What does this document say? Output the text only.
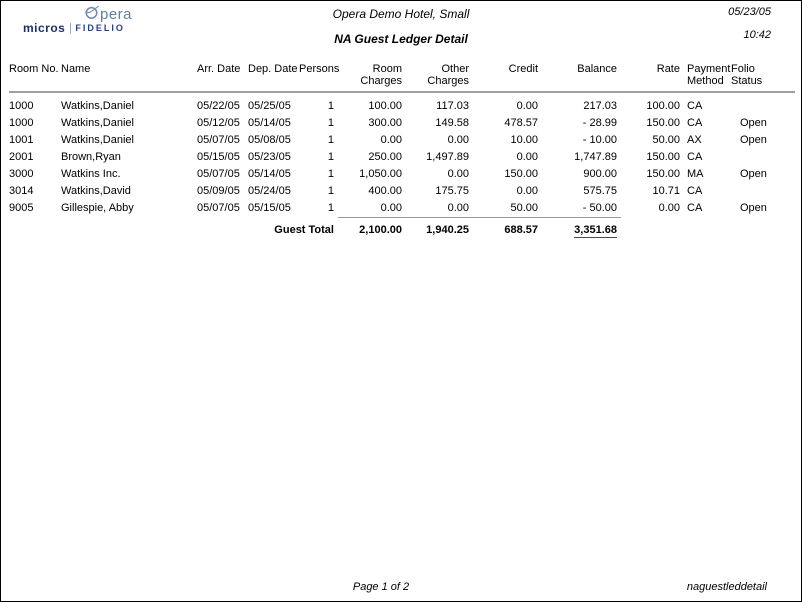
pera
micros FIDELIO
Opera Demo Hotel, Small
NA Guest Ledger Detail
05/23/05
10:42
Room No.	Name	Arr. Date	Dep. Date	Persons	Room Charges	Other Charges	Credit	Balance	Rate	Payment Method	Folio Status
1000	Watkins,Daniel	05/22/05	05/25/05	1	100.00	117.03	0.00	217.03	100.00	CA	
1000	Watkins,Daniel	05/12/05	05/14/05	1	300.00	149.58	478.57	- 28.99	150.00	CA	Open
1001	Watkins,Daniel	05/07/05	05/08/05	1	0.00	0.00	10.00	- 10.00	50.00	AX	Open
2001	Brown,Ryan	05/15/05	05/23/05	1	250.00	1,497.89	0.00	1,747.89	150.00	CA	
3000	Watkins Inc.	05/07/05	05/14/05	1	1,050.00	0.00	150.00	900.00	150.00	MA	Open
3014	Watkins,David	05/09/05	05/24/05	1	400.00	175.75	0.00	575.75	10.71	CA	
9005	Gillespie, Abby	05/07/05	05/15/05	1	0.00	0.00	50.00	- 50.00	0.00	CA	Open
Guest Total					2,100.00	1,940.25	688.57	3,351.68			
Page 1 of 2	naguestleddetail
